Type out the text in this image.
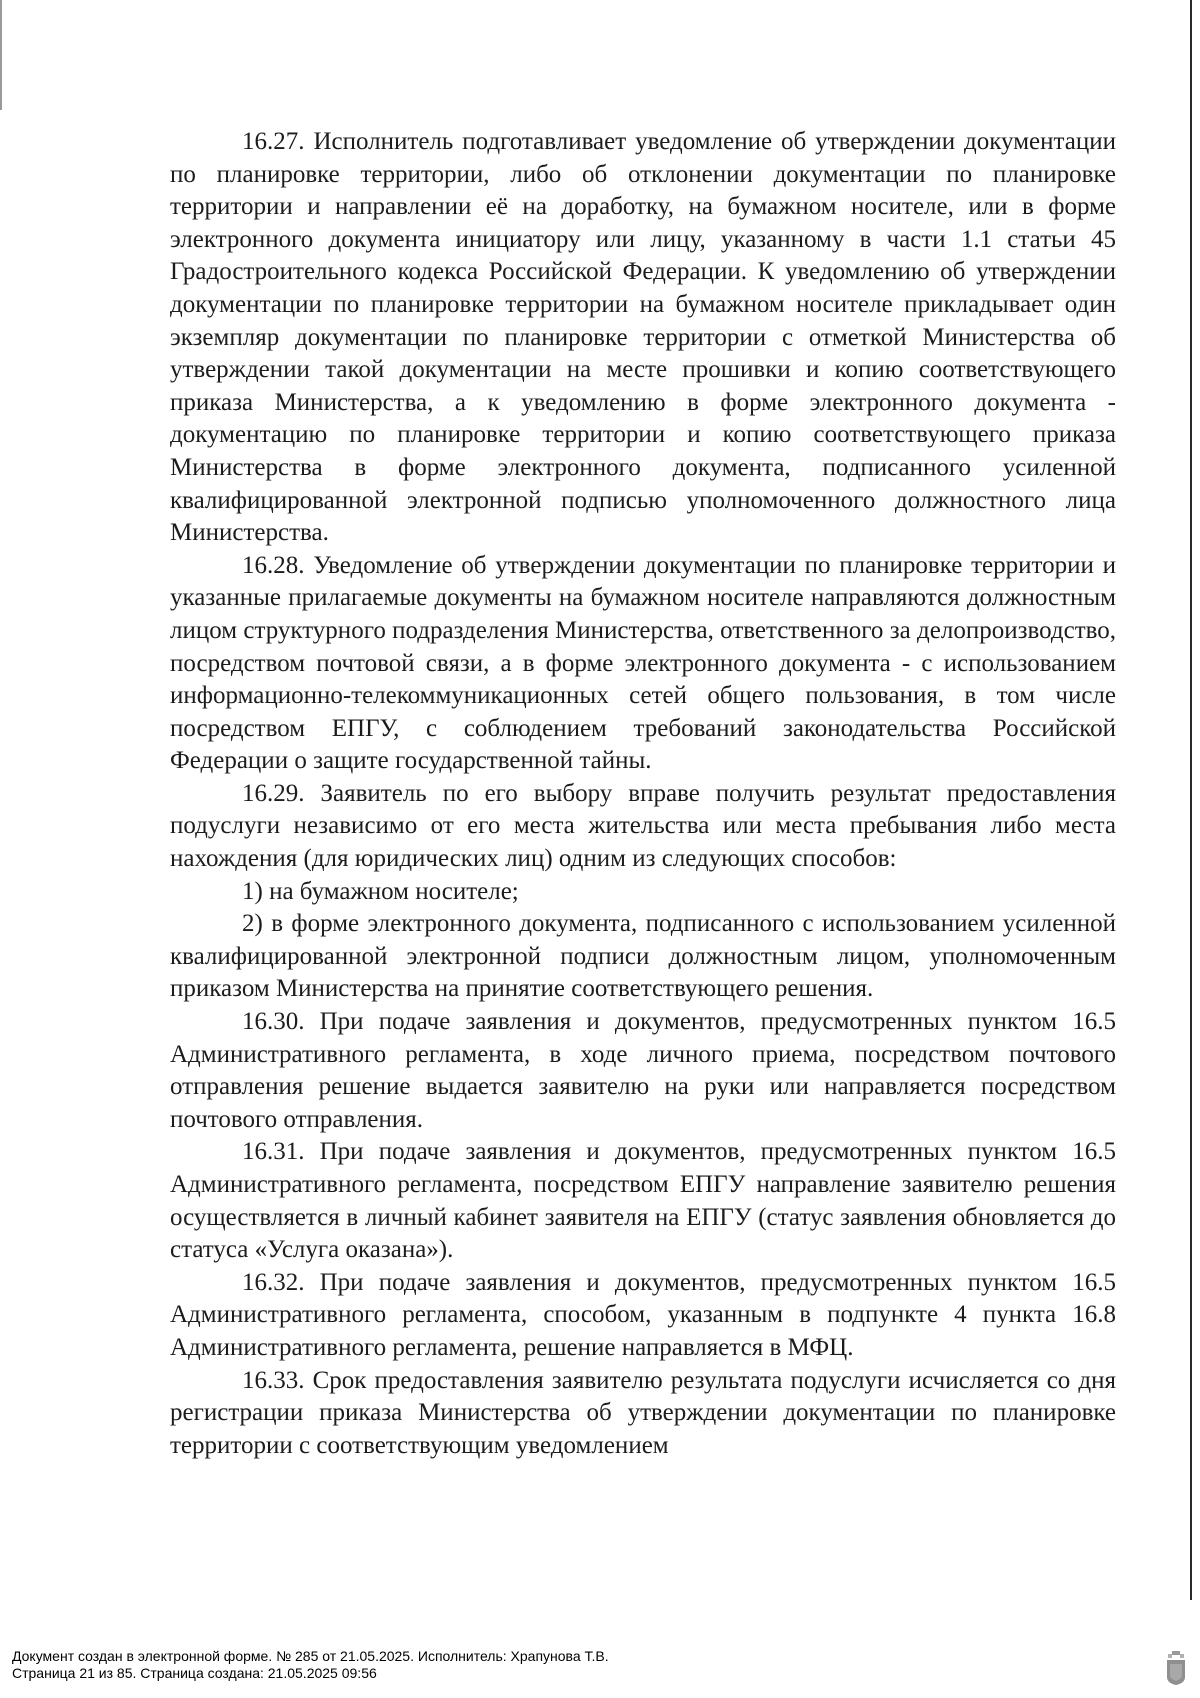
16.27. Исполнитель подготавливает уведомление об утверждении документации по планировке территории, либо об отклонении документации по планировке территории и направлении её на доработку, на бумажном носителе, или в форме электронного документа инициатору или лицу, указанному в части 1.1 статьи 45 Градостроительного кодекса Российской Федерации. К уведомлению об утверждении документации по планировке территории на бумажном носителе прикладывает один экземпляр документации по планировке территории с отметкой Министерства об утверждении такой документации на месте прошивки и копию соответствующего приказа Министерства, а к уведомлению в форме электронного документа - документацию по планировке территории и копию соответствующего приказа Министерства в форме электронного документа, подписанного усиленной квалифицированной электронной подписью уполномоченного должностного лица Министерства.

16.28. Уведомление об утверждении документации по планировке территории и указанные прилагаемые документы на бумажном носителе направляются должностным лицом структурного подразделения Министерства, ответственного за делопроизводство, посредством почтовой связи, а в форме электронного документа - с использованием информационно-телекоммуникационных сетей общего пользования, в том числе посредством ЕПГУ, с соблюдением требований законодательства Российской Федерации о защите государственной тайны.

16.29. Заявитель по его выбору вправе получить результат предоставления подуслуги независимо от его места жительства или места пребывания либо места нахождения (для юридических лиц) одним из следующих способов:

1) на бумажном носителе;

2) в форме электронного документа, подписанного с использованием усиленной квалифицированной электронной подписи должностным лицом, уполномоченным приказом Министерства на принятие соответствующего решения.

16.30. При подаче заявления и документов, предусмотренных пунктом 16.5 Административного регламента, в ходе личного приема, посредством почтового отправления решение выдается заявителю на руки или направляется посредством почтового отправления.

16.31. При подаче заявления и документов, предусмотренных пунктом 16.5 Административного регламента, посредством ЕПГУ направление заявителю решения осуществляется в личный кабинет заявителя на ЕПГУ (статус заявления обновляется до статуса «Услуга оказана»).

16.32. При подаче заявления и документов, предусмотренных пунктом 16.5 Административного регламента, способом, указанным в подпункте 4 пункта 16.8 Административного регламента, решение направляется в МФЦ.

16.33. Срок предоставления заявителю результата подуслуги исчисляется со дня регистрации приказа Министерства об утверждении документации по планировке территории с соответствующим уведомлением

Документ создан в электронной форме. № 285 от 21.05.2025. Исполнитель: Храпунова Т.В.
Страница 21 из 85. Страница создана: 21.05.2025 09:56
